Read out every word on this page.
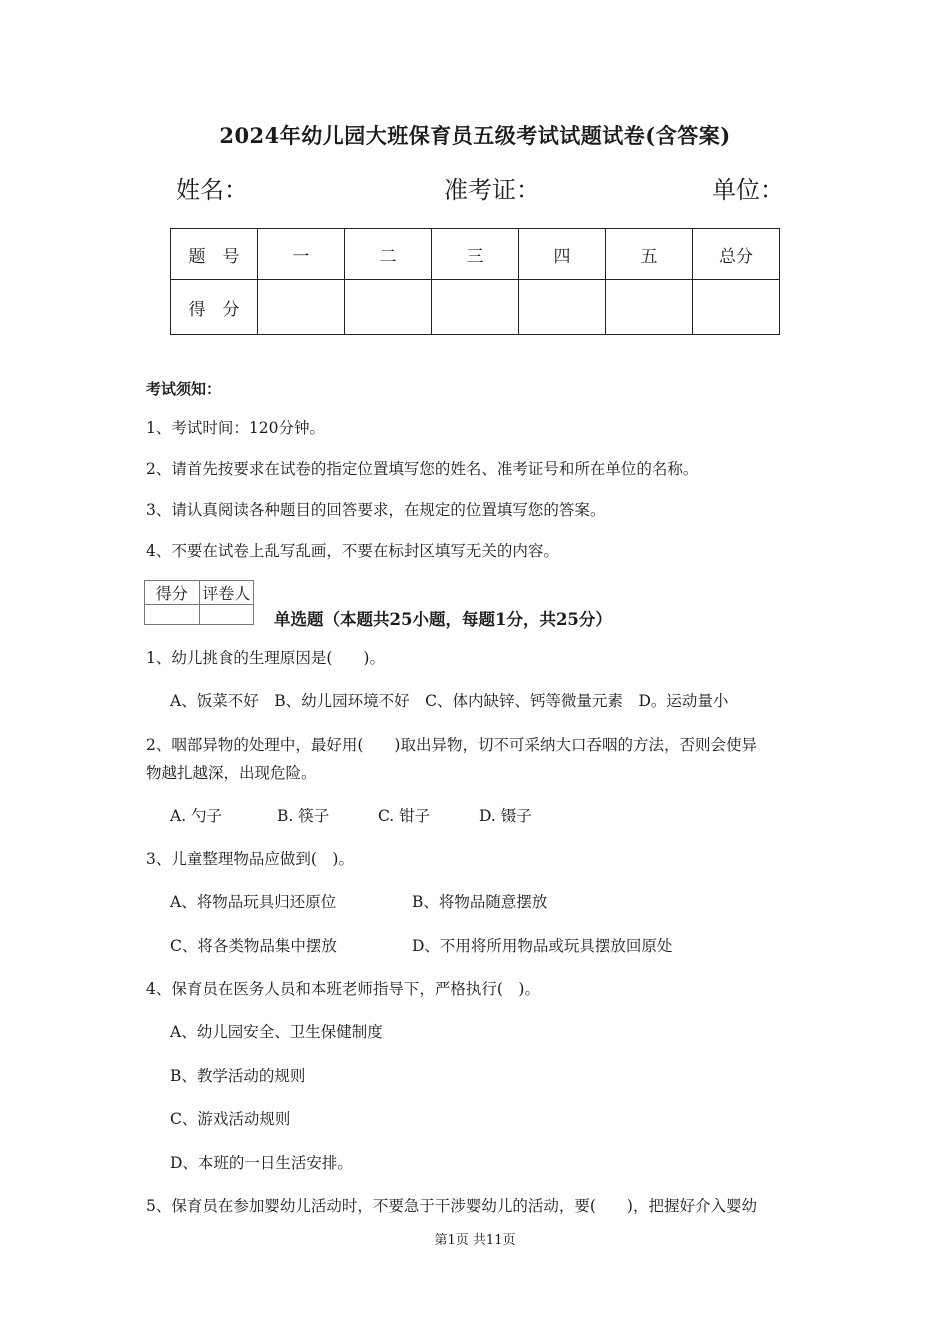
2024年幼儿园大班保育员五级考试试题试卷(含答案)
姓名：	准考证：	单位：
题　号	一	二	三	四	五	总分
得　分						
考试须知：
1、考试时间：120分钟。
2、请首先按要求在试卷的指定位置填写您的姓名、准考证号和所在单位的名称。
3、请认真阅读各种题目的回答要求，在规定的位置填写您的答案。
4、不要在试卷上乱写乱画，不要在标封区填写无关的内容。
得分	评卷人

单选题（本题共25小题，每题1分，共25分）
1、幼儿挑食的生理原因是(　　)。
A、饭菜不好　B、幼儿园环境不好　C、体内缺锌、钙等微量元素　D。运动量小
2、咽部异物的处理中，最好用(　　)取出异物，切不可采纳大口吞咽的方法，否则会使异
物越扎越深，出现危险。
A. 勺子	B. 筷子	C. 钳子	D. 镊子
3、儿童整理物品应做到(　)。
A、将物品玩具归还原位	B、将物品随意摆放
C、将各类物品集中摆放	D、不用将所用物品或玩具摆放回原处
4、保育员在医务人员和本班老师指导下，严格执行(　)。
A、幼儿园安全、卫生保健制度
B、教学活动的规则
C、游戏活动规则
D、本班的一日生活安排。
5、保育员在参加婴幼儿活动时，不要急于干涉婴幼儿的活动，要(　　)，把握好介入婴幼
第1页 共11页
